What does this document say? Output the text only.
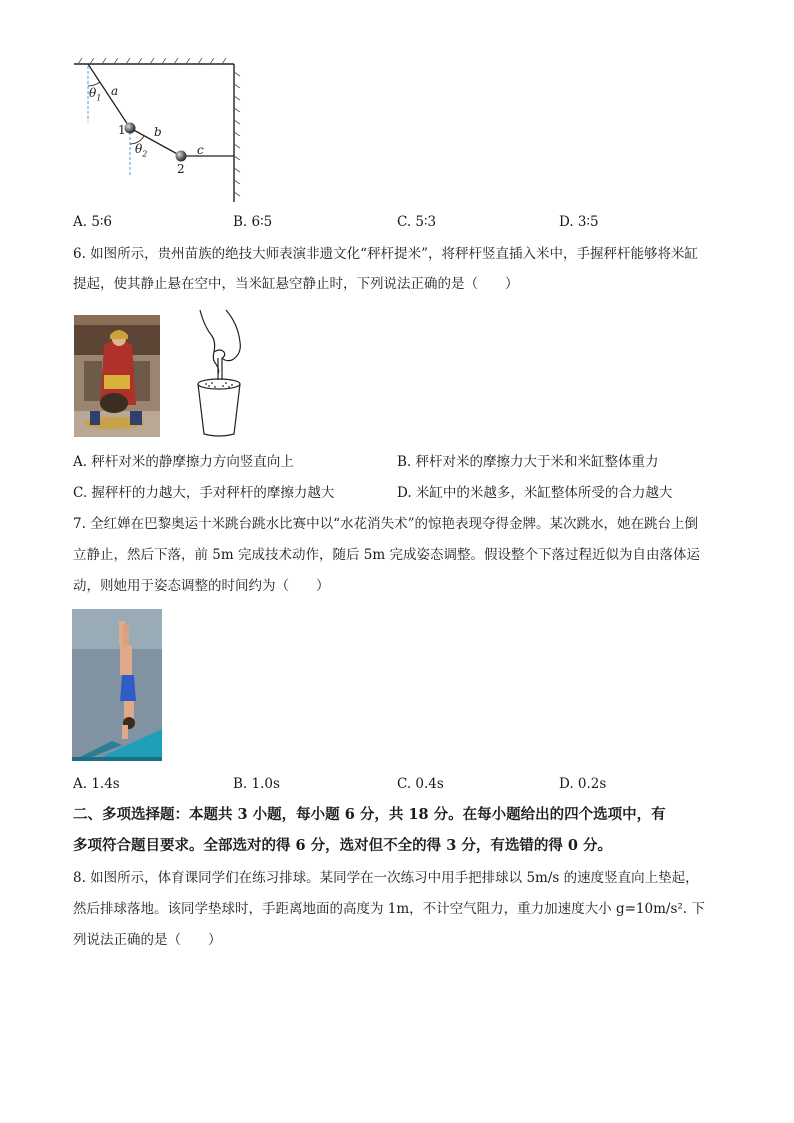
$\theta_1$ a
1 b
$\theta_2$	c
2
A. 5∶6	B. 6∶5	C. 5∶3	D. 3∶5
6. 如图所示，贵州苗族的绝技大师表演非遗文化“秤杆提米”，将秤杆竖直插入米中，手握秤杆能够将米缸
提起，使其静止悬在空中，当米缸悬空静止时，下列说法正确的是（　　）
A. 秤杆对米的静摩擦力方向竖直向上	B. 秤杆对米的摩擦力大于米和米缸整体重力
C. 握秤杆的力越大，手对秤杆的摩擦力越大	D. 米缸中的米越多，米缸整体所受的合力越大
7. 全红婵在巴黎奥运十米跳台跳水比赛中以“水花消失术”的惊艳表现夺得金牌。某次跳水，她在跳台上倒
立静止，然后下落，前 5m 完成技术动作，随后 5m 完成姿态调整。假设整个下落过程近似为自由落体运
动，则她用于姿态调整的时间约为（　　）
A. 1.4s	B. 1.0s	C. 0.4s	D. 0.2s
二、多项选择题：本题共 3 小题，每小题 6 分，共 18 分。在每小题给出的四个选项中，有
多项符合题目要求。全部选对的得 6 分，选对但不全的得 3 分，有选错的得 0 分。
8. 如图所示，体育课同学们在练习排球。某同学在一次练习中用手把排球以 5m/s 的速度竖直向上垫起，
然后排球落地。该同学垫球时，手距离地面的高度为 1m，不计空气阻力，重力加速度大小 g=10m/s². 下
列说法正确的是（　　）
